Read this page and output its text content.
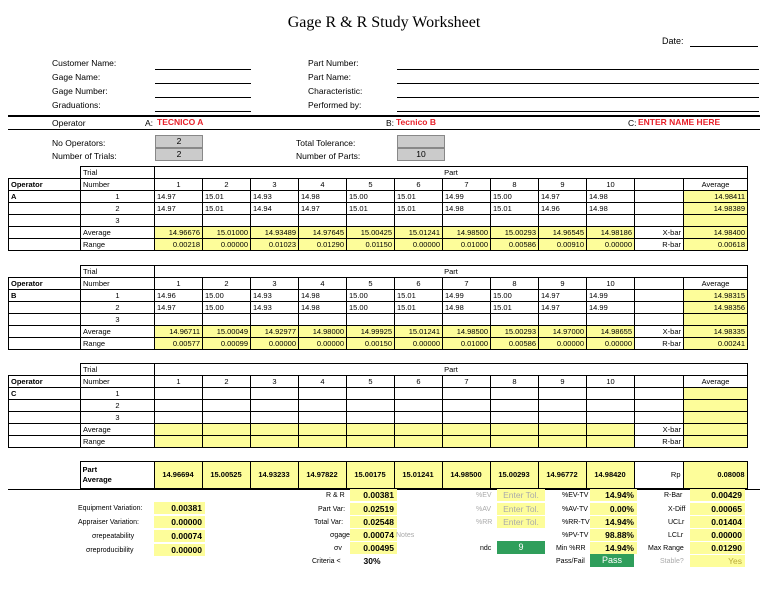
Gage R & R Study Worksheet
Date:
Customer Name:
Gage Name:
Gage Number:
Graduations:
Part Number:
Part Name:
Characteristic:
Performed by:
Operator	A: TECNICO A	B: Tecnico B	C: ENTER NAME HERE
No Operators:	2
Number of Trials:	2
Total Tolerance:
Number of Parts:	10
	Trial	Part											
Operator	Number	1	2	3	4	5	6	7	8	9	10		Average
A	1	14.97	15.01	14.93	14.98	15.00	15.01	14.99	15.00	14.97	14.98		14.98411
	2	14.97	15.01	14.94	14.97	15.01	15.01	14.98	15.01	14.96	14.98		14.98389
	3												
	Average	14.96676	15.01000	14.93489	14.97645	15.00425	15.01241	14.98500	15.00293	14.96545	14.98186	X-bar	14.98400
	Range	0.00218	0.00000	0.01023	0.01290	0.01150	0.00000	0.01000	0.00586	0.00910	0.00000	R-bar	0.00618
	Trial	Part											
Operator	Number	1	2	3	4	5	6	7	8	9	10		Average
B	1	14.96	15.00	14.93	14.98	15.00	15.01	14.99	15.00	14.97	14.99		14.98315
	2	14.97	15.00	14.93	14.98	15.00	15.01	14.98	15.01	14.97	14.99		14.98356
	3												
	Average	14.96711	15.00049	14.92977	14.98000	14.99925	15.01241	14.98500	15.00293	14.97000	14.98655	X-bar	14.98335
	Range	0.00577	0.00099	0.00000	0.00000	0.00150	0.00000	0.01000	0.00586	0.00000	0.00000	R-bar	0.00241
	Trial	Part											
Operator	Number	1	2	3	4	5	6	7	8	9	10		Average
C	1												
	2												
	3												
	Average											X-bar	
	Range											R-bar	

Part
Average
	14.96694	15.00525	14.93233	14.97822	15.00175	15.01241	14.98500	15.00293	14.96772	14.98420	Rp	0.08008
Equipment Variation:	0.00381
Appraiser Variation:	0.00000
σrepeatability	0.00074
σreproducibility	0.00000
R & R	0.00381
Part Var:	0.02519
Total Var:	0.02548
σgage	0.00074 Notes
σv	0.00495
Criteria <	30%
%EV	Enter Tol.
%AV	Enter Tol.
%RR	Enter Tol.
ndc	9
%EV-TV	14.94%
%AV-TV	0.00%
%RR-TV	14.94%
%PV-TV	98.88%
Min %RR	14.94%
Pass/Fail	Pass
R-Bar	0.00429
X-Diff	0.00065
UCLr	0.01404
LCLr	0.00000
Max Range	0.01290
Stable?	Yes
